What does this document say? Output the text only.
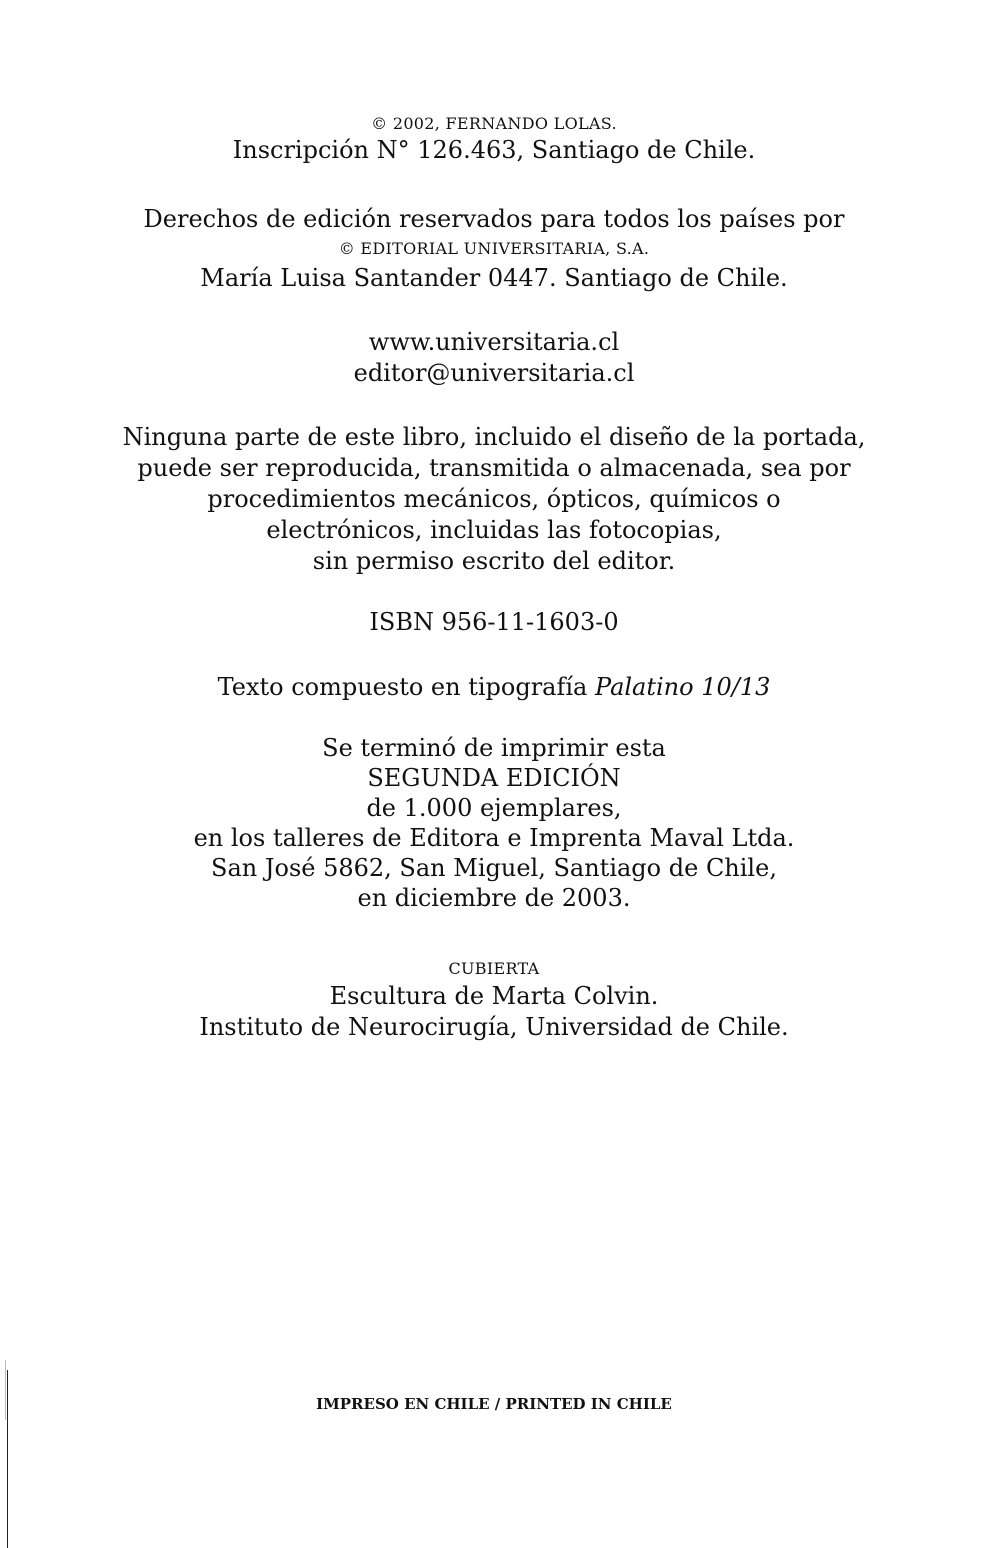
© 2002, FERNANDO LOLAS.
Inscripción N° 126.463, Santiago de Chile.
Derechos de edición reservados para todos los países por
© EDITORIAL UNIVERSITARIA, S.A.
María Luisa Santander 0447. Santiago de Chile.
www.universitaria.cl
editor@universitaria.cl
Ninguna parte de este libro, incluido el diseño de la portada,
puede ser reproducida, transmitida o almacenada, sea por
procedimientos mecánicos, ópticos, químicos o
electrónicos, incluidas las fotocopias,
sin permiso escrito del editor.
ISBN 956-11-1603-0
Texto compuesto en tipografía Palatino 10/13
Se terminó de imprimir esta
SEGUNDA EDICIÓN
de 1.000 ejemplares,
en los talleres de Editora e Imprenta Maval Ltda.
San José 5862, San Miguel, Santiago de Chile,
en diciembre de 2003.
CUBIERTA
Escultura de Marta Colvin.
Instituto de Neurocirugía, Universidad de Chile.
IMPRESO EN CHILE / PRINTED IN CHILE
